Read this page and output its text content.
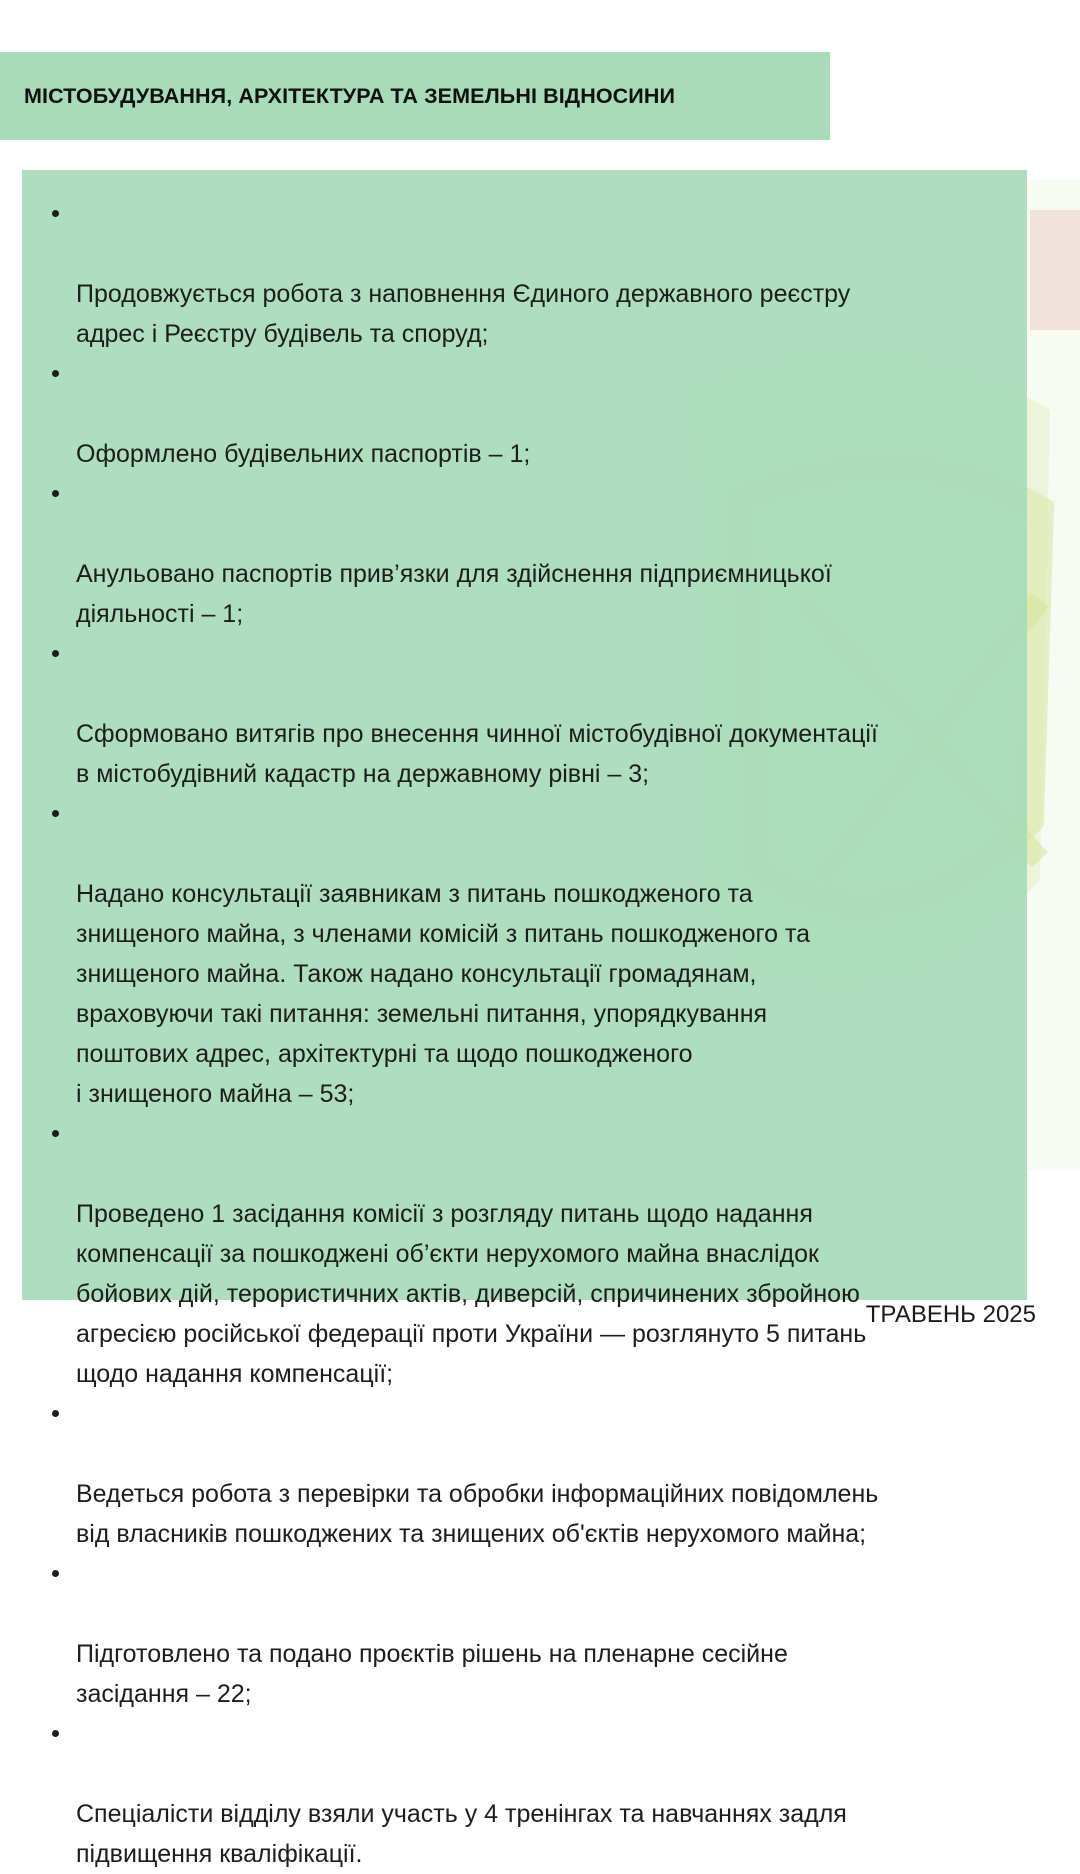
МІСТОБУДУВАННЯ, АРХІТЕКТУРА ТА ЗЕМЕЛЬНІ ВІДНОСИНИ

Продовжується робота з наповнення Єдиного державного реєстру
адрес і Реєстру будівель та споруд;

Оформлено будівельних паспортів – 1;

Анульовано паспортів прив’язки для здійснення підприємницької
діяльності – 1;

Сформовано витягів про внесення чинної містобудівної документації
в містобудівний кадастр на державному рівні – 3;

Надано консультації заявникам з питань пошкодженого та
знищеного майна, з членами комісій з питань пошкодженого та
знищеного майна. Також надано консультації громадянам,
враховуючи такі питання: земельні питання, упорядкування
поштових адрес, архітектурні та щодо пошкодженого
і знищеного майна – 53;

Проведено 1 засідання комісії з розгляду питань щодо надання
компенсації за пошкоджені об’єкти нерухомого майна внаслідок
бойових дій, терористичних актів, диверсій, спричинених збройною
агресією російської федерації проти України — розглянуто 5 питань
щодо надання компенсації;

Ведеться робота з перевірки та обробки інформаційних повідомлень
від власників пошкоджених та знищених об'єктів нерухомого майна;

Підготовлено та подано проєктів рішень на пленарне сесійне
засідання – 22;

Спеціалісти відділу взяли участь у 4 тренінгах та навчаннях задля
підвищення кваліфікації.

ТРАВЕНЬ 2025
